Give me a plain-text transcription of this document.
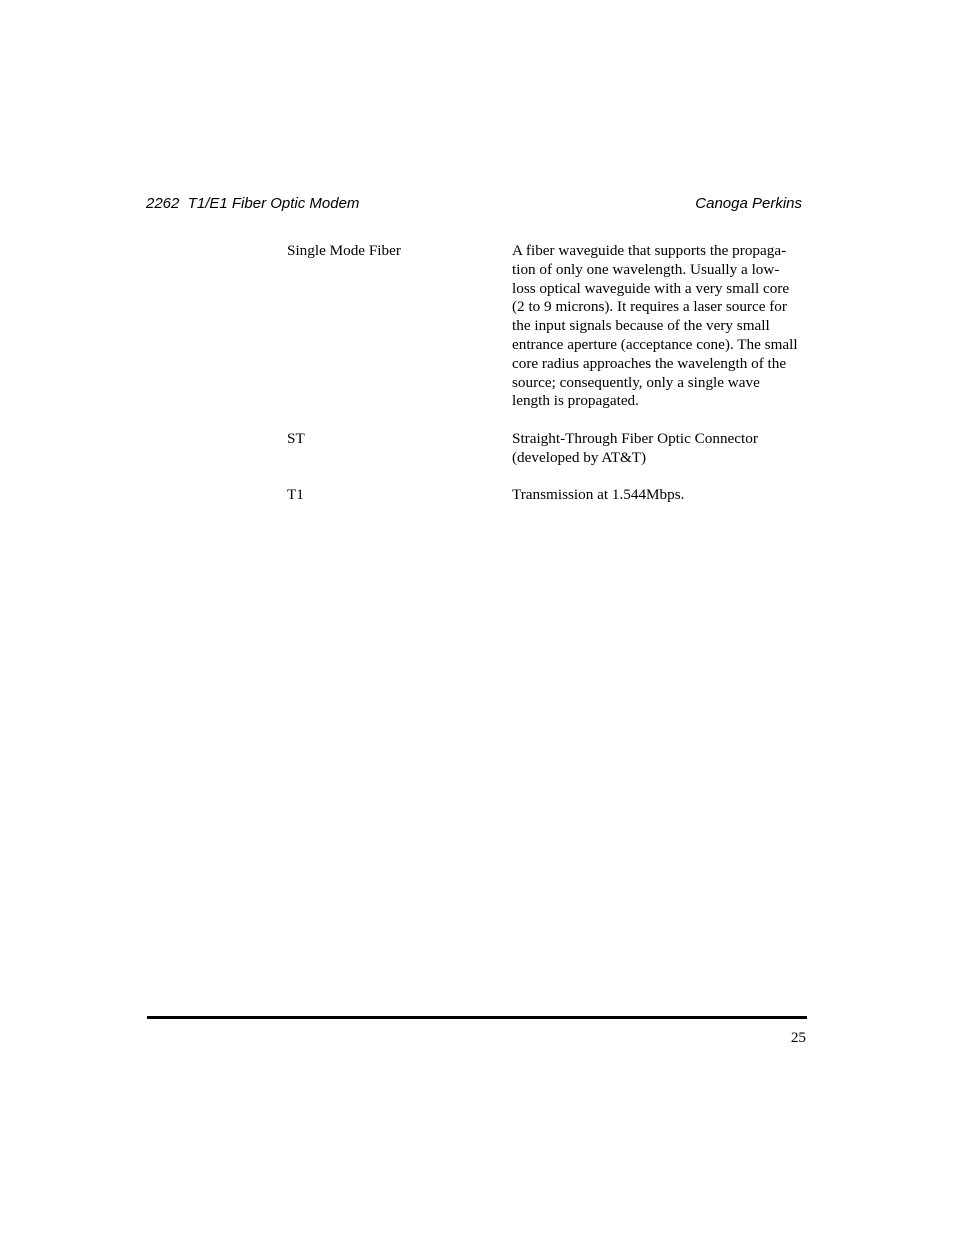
2262  T1/E1 Fiber Optic Modem	Canoga Perkins
Single Mode Fiber	A fiber waveguide that supports the propaga-
tion of only one wavelength. Usually a low-
loss optical waveguide with a very small core
(2 to 9 microns). It requires a laser source for
the input signals because of the very small
entrance aperture (acceptance cone). The small
core radius approaches the wavelength of the
source; consequently, only a single wave
length is propagated.
ST	Straight-Through Fiber Optic Connector
(developed by AT&T)
T1	Transmission at 1.544Mbps.
25
